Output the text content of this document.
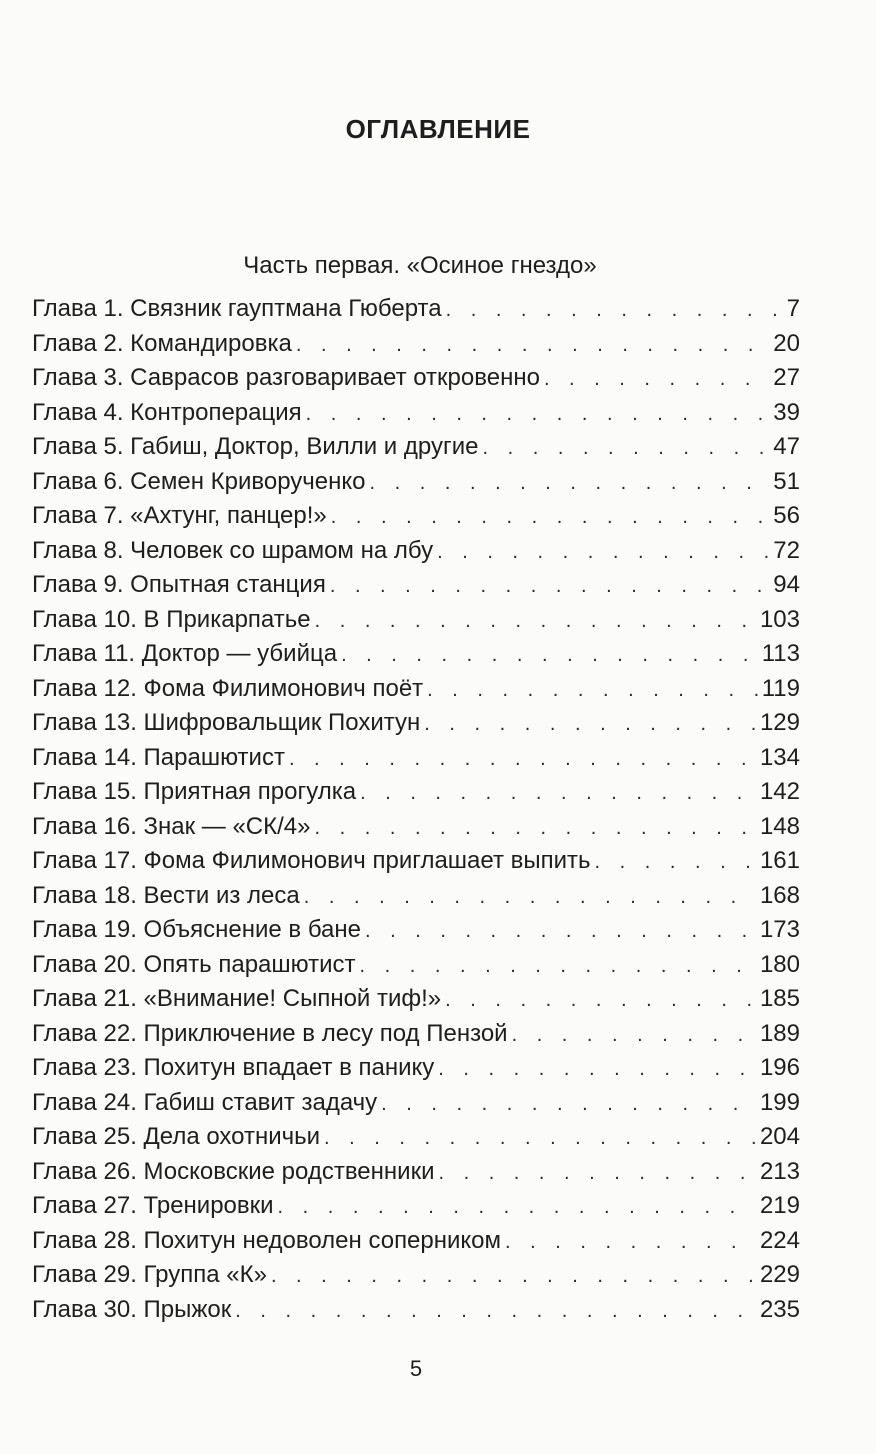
ОГЛАВЛЕНИЕ
Часть первая. «Осиное гнездо»
Глава 1. Связник гауптмана Гюберта . . .	7
Глава 2. Командировка . . .	20
Глава 3. Саврасов разговаривает откровенно . . .	27
Глава 4. Контроперация . . .	39
Глава 5. Габиш, Доктор, Вилли и другие . . .	47
Глава 6. Семен Криворученко . . .	51
Глава 7. «Ахтунг, панцер!» . . .	56
Глава 8. Человек со шрамом на лбу . . .	72
Глава 9. Опытная станция . . .	94
Глава 10. В Прикарпатье . . .	103
Глава 11. Доктор — убийца . . .	113
Глава 12. Фома Филимонович поёт . . .	119
Глава 13. Шифровальщик Похитун . . .	129
Глава 14. Парашютист . . .	134
Глава 15. Приятная прогулка . . .	142
Глава 16. Знак — «СК/4» . . .	148
Глава 17. Фома Филимонович приглашает выпить . . .	161
Глава 18. Вести из леса . . .	168
Глава 19. Объяснение в бане . . .	173
Глава 20. Опять парашютист . . .	180
Глава 21. «Внимание! Сыпной тиф!» . . .	185
Глава 22. Приключение в лесу под Пензой . . .	189
Глава 23. Похитун впадает в панику . . .	196
Глава 24. Габиш ставит задачу . . .	199
Глава 25. Дела охотничьи . . .	204
Глава 26. Московские родственники . . .	213
Глава 27. Тренировки . . .	219
Глава 28. Похитун недоволен соперником . . .	224
Глава 29. Группа «К» . . .	229
Глава 30. Прыжок . . .	235
5
